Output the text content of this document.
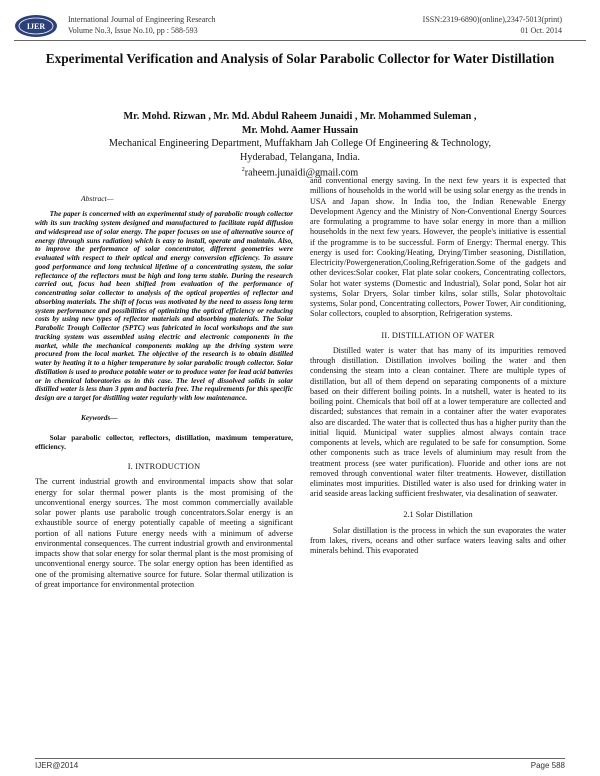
IJER
International Journal of Engineering Research
Volume No.3, Issue No.10, pp : 588-593
ISSN:2319-6890)(online),2347-5013(print)
01 Oct. 2014
Experimental Verification and Analysis of Solar Parabolic Collector for Water Distillation
Mr. Mohd. Rizwan , Mr. Md. Abdul Raheem Junaidi , Mr. Mohammed Suleman ,
Mr. Mohd. Aamer Hussain
Mechanical Engineering Department, Muffakham Jah College Of Engineering & Technology,
Hyderabad, Telangana, India.
$^2$raheem.junaidi@gmail.com
Abstract—

The paper is concerned with an experimental study of parabolic trough collector with its sun tracking system designed and manufactured to facilitate rapid diffusion and widespread use of solar energy. The paper focuses on use of alternative source of energy (through suns radiation) which is easy to install, operate and maintain. Also, to improve the performance of solar concentrator, different geometries were evaluated with respect to their optical and energy conversion efficiency. To assure good performance and long technical lifetime of a concentrating system, the solar reflectance of the reflectors must be high and long term stable. During the research carried out, focus had been shifted from evaluation of the performance of concentrating solar collector to analysis of the optical properties of reflector and absorbing materials. The shift of focus was motivated by the need to assess long term system performance and possibilities of optimizing the optical efficiency or reducing costs by using new types of reflector materials and absorbing materials. The Solar Parabolic Trough Collector (SPTC) was fabricated in local workshops and the sun tracking system was assembled using electric and electronic components in the market, while the mechanical components making up the driving system were procured from the local market. The objective of the research is to obtain distilled water by heating it to a higher temperature by solar parabolic trough collector. Solar distillation is used to produce potable water or to produce water for lead acid batteries or in chemical laboratories as in this case. The level of dissolved solids in solar distilled water is less than 3 ppm and bacteria free. The requirements for this specific design are a target for distilling water regularly with low maintenance.

Keywords—

Solar parabolic collector, reflectors, distillation, maximum temperature, efficiency.

I. INTRODUCTION

The current industrial growth and environmental impacts show that solar energy for solar thermal power plants is the most promising of the unconventional energy sources. The most common commercially available solar power plants use parabolic trough concentrators.Solar energy is an exhaustible source of energy potentially capable of meeting a significant portion of all nations Future energy needs with a minimum of adverse environmental consequences. The current industrial growth and environmental impacts show that solar energy for solar thermal plant is the most promising of unconventional energy source. The solar energy option has been identified as one of the promising alternative source for future. Solar thermal utilization is of great importance for environmental protection

and conventional energy saving. In the next few years it is expected that millions of households in the world will be using solar energy as the trends in USA and Japan show. In India too, the Indian Renewable Energy Development Agency and the Ministry of Non-Conventional Energy Sources are formulating a programme to have solar energy in more than a million households in the next few years. However, the people's initiative is essential if the programme is to be successful. Form of Energy: Thermal energy. This energy is used for: Cooking/Heating, Drying/Timber seasoning, Distillation, Electricity/Powergeneration,Cooling,Refrigeration.Some of the gadgets and other devices:Solar cooker, Flat plate solar cookers, Concentrating collectors, Solar hot water systems (Domestic and Industrial), Solar pond, Solar hot air systems, Solar Dryers, Solar timber kilns, solar stills, Solar photovoltaic systems, Solar pond, Concentrating collectors, Power Tower, Air conditioning, Solar collectors, coupled to absorption, Refrigeration systems.

II. DISTILLATION OF WATER

Distilled water is water that has many of its impurities removed through distillation. Distillation involves boiling the water and then condensing the steam into a clean container. There are multiple types of distillation, but all of them depend on separating components of a mixture based on their different boiling points. In a nutshell, water is heated to its boiling point. Chemicals that boil off at a lower temperature are collected and discarded; substances that remain in a container after the water evaporates also are discarded. The water that is collected thus has a higher purity than the initial liquid. Municipal water supplies almost always contain trace components at levels, which are regulated to be safe for consumption. Some other components such as trace levels of aluminium may result from the treatment process (see water purification). Fluoride and other ions are not removed through conventional water filter treatments. However, distillation eliminates most impurities. Distilled water is also used for drinking water in arid seaside areas lacking sufficient freshwater, via desalination of seawater.

2.1 Solar Distillation

Solar distillation is the process in which the sun evaporates the water from lakes, rivers, oceans and other surface waters leaving salts and other minerals behind. This evaporated

IJER@2014	Page 588
